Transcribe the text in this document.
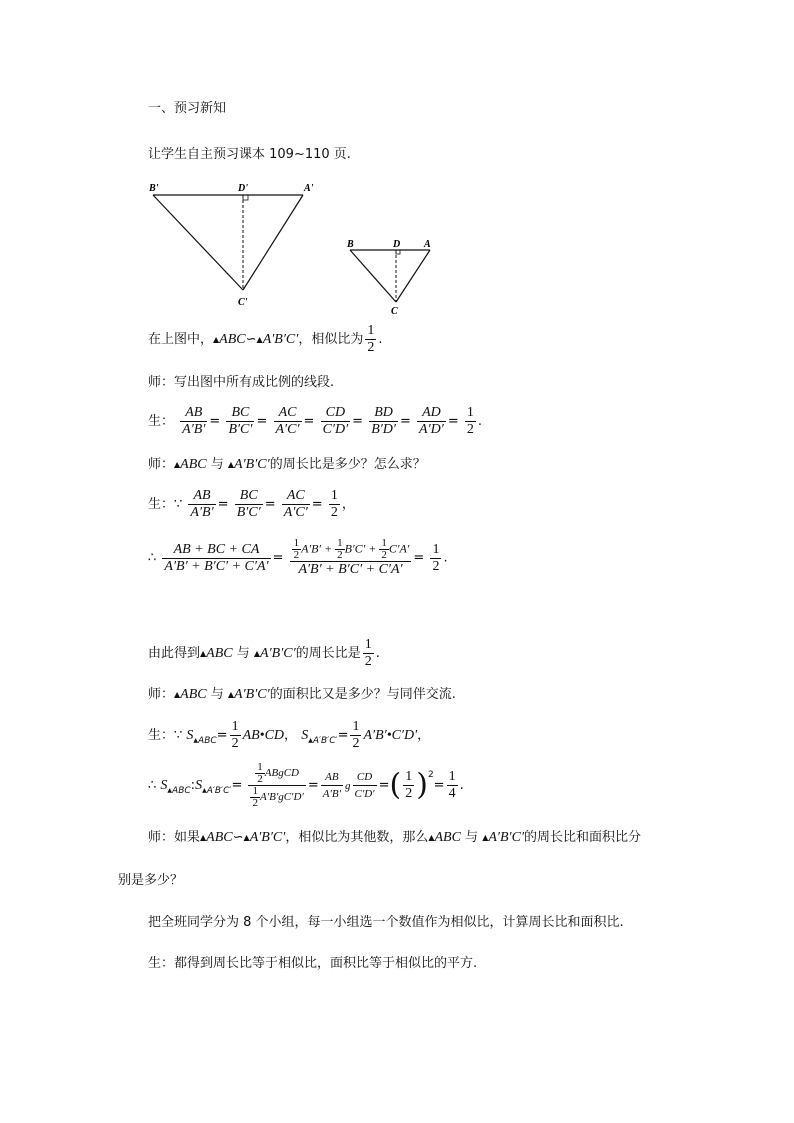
一、预习新知
让学生自主预习课本 109~110 页.
B'	D'	A'
C'
B	D A
C
在上图中，▲ABC∽▲A′B′C′，相似比为 $\frac{1}{2}$ .
师：写出图中所有成比例的线段.
生： $\frac{AB}{A'B'} = \frac{BC}{B'C'} = \frac{AC}{A'C'} = \frac{CD}{C'D'} = \frac{BD}{B'D'} = \frac{AD}{A'D'} = \frac{1}{2}$ .
师：▲ABC 与 ▲A′B′C′的周长比是多少？怎么求？
生：∵ $\frac{AB}{A'B'} = \frac{BC}{B'C'} = \frac{AC}{A'C'} = \frac{1}{2}$ ，
∴ $\frac{AB + BC + CA}{A'B' + B'C' + C'A'} = \frac{\frac{1}{2} A'B' + \frac{1}{2} B'C' + \frac{1}{2} C'A'}{A'B' + B'C' + C'A'} = \frac{1}{2}$ .
由此得到▲ABC 与 ▲A′B′C′的周长比是 $\frac{1}{2}$ .
师：▲ABC 与 ▲A′B′C′的面积比又是多少？与同伴交流.
生：∵ $S_{▲ABC}= \frac{1}{2}$ AB•CD， $S_{▲A'B'C'}= \frac{1}{2}$ A′B′•C′D′，
∴ $S_{▲ABC}:S_{▲A'B'C'}= \frac{\frac{1}{2} ABgCD}{\frac{1}{2} A'B'gC'D'} = \frac{AB}{A'B'}$ g $\frac{CD}{C'D'}$ =( $\frac{1}{2} )^2= \frac{1}{4}$ .
师：如果▲ABC∽▲A′B′C′，相似比为其他数，那么▲ABC 与 ▲A′B′C′的周长比和面积比分
别是多少？
把全班同学分为 8 个小组，每一小组选一个数值作为相似比，计算周长比和面积比.
生：都得到周长比等于相似比，面积比等于相似比的平方.
